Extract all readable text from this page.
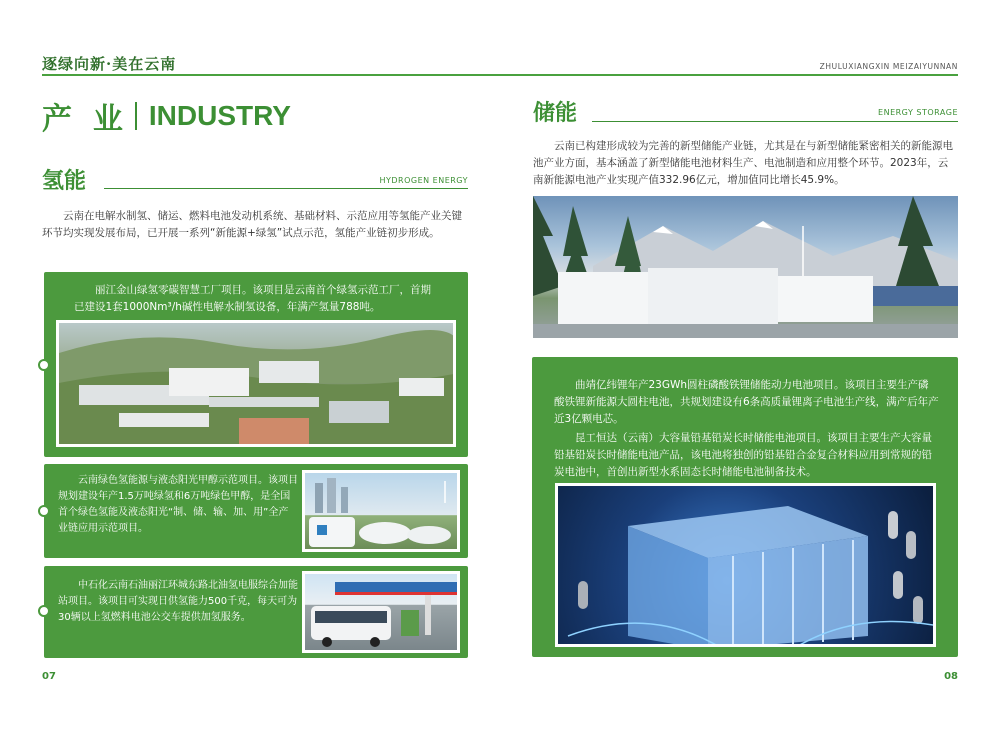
逐绿向新·美在云南	ZHULUXIANGXIN MEIZAIYUNNAN
产  业 INDUSTRY
氢能	HYDROGEN ENERGY

云南在电解水制氢、储运、燃料电池发动机系统、基础材料、示范应用等氢能产业关键环节均实现发展布局，已开展一系列“新能源+绿氢”试点示范，氢能产业链初步形成。

丽江金山绿氢零碳智慧工厂项目。该项目是云南首个绿氢示范工厂，首期已建设1套1000Nm³/h碱性电解水制氢设备，年满产氢量788吨。

云南绿色氢能源与液态阳光甲醇示范项目。该项目规划建设年产1.5万吨绿氢和6万吨绿色甲醇，是全国首个绿色氢能及液态阳光“制、储、输、加、用”全产业链应用示范项目。

中石化云南石油丽江环城东路北油氢电服综合加能站项目。该项目可实现日供氢能力500千克，每天可为30辆以上氢燃料电池公交车提供加氢服务。

07
储能	ENERGY STORAGE

云南已构建形成较为完善的新型储能产业链，尤其是在与新型储能紧密相关的新能源电池产业方面，基本涵盖了新型储能电池材料生产、电池制造和应用整个环节。2023年，云南新能源电池产业实现产值332.96亿元，增加值同比增长45.9%。

曲靖亿纬锂年产23GWh圆柱磷酸铁锂储能动力电池项目。该项目主要生产磷酸铁锂新能源大圆柱电池，共规划建设有6条高质量锂离子电池生产线，满产后年产近3亿颗电芯。

昆工恒达（云南）大容量铅基铅炭长时储能电池项目。该项目主要生产大容量铅基铅炭长时储能电池产品，该电池将独创的铅基铅合金复合材料应用到常规的铅炭电池中，首创出新型水系固态长时储能电池制备技术。

08
